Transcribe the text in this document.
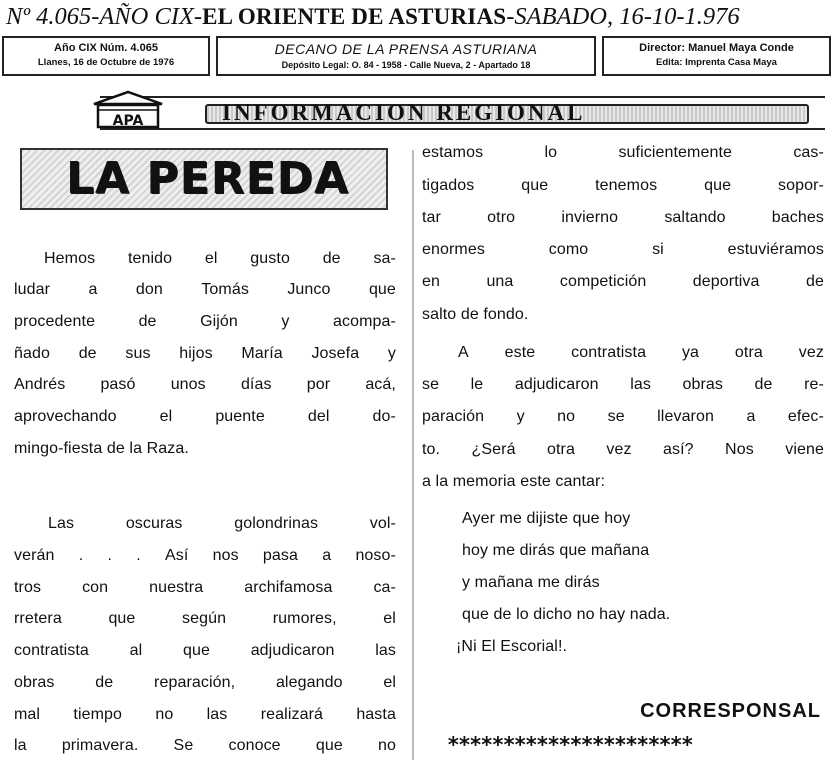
Nº 4.065-AÑO CIX-EL ORIENTE DE ASTURIAS-SABADO, 16-10-1.976
Año CIX Núm. 4.065
Llanes, 16 de Octubre de 1976
DECANO DE LA PRENSA ASTURIANA
Depósito Legal: O. 84 - 1958 - Calle Nueva, 2 - Apartado 18
Director: Manuel Maya Conde
Edita: Imprenta Casa Maya
APA	INFORMACION REGIONAL
LA PEREDA
CORRESPONSAL
**********************
Hemos tenido el gusto de sa-
ludar a don Tomás Junco que
procedente	de	Gijón	y	acompa-
ñado de sus hijos María Josefa y
Andrés pasó unos días por acá,
aprovechando	el	puente	del	do-
mingo-fiesta de la Raza.
Las	oscuras	golondrinas	vol-
verán . . . Así nos pasa a noso-
tros	con	nuestra	archifamosa	ca-
rretera	que	según	rumores,	el
contratista	al	que	adjudicaron	las
obras	de	reparación,	alegando	el
mal tiempo no las realizará hasta
la primavera. Se conoce que no
estamos	lo	suficientemente	cas-
tigados	que	tenemos	que	sopor-
tar	otro	invierno	saltando	baches
enormes	como	si	estuviéramos
en	una	competición	deportiva	de
salto de fondo.
A este contratista ya otra vez
se le adjudicaron las obras de re-
paración y no se llevaron a efec-
to. ¿Será otra vez así? Nos viene
a la memoria este cantar:
Ayer me dijiste que hoy
hoy me dirás que mañana
y mañana me dirás
que de lo dicho no hay nada.
¡Ni El Escorial!.
